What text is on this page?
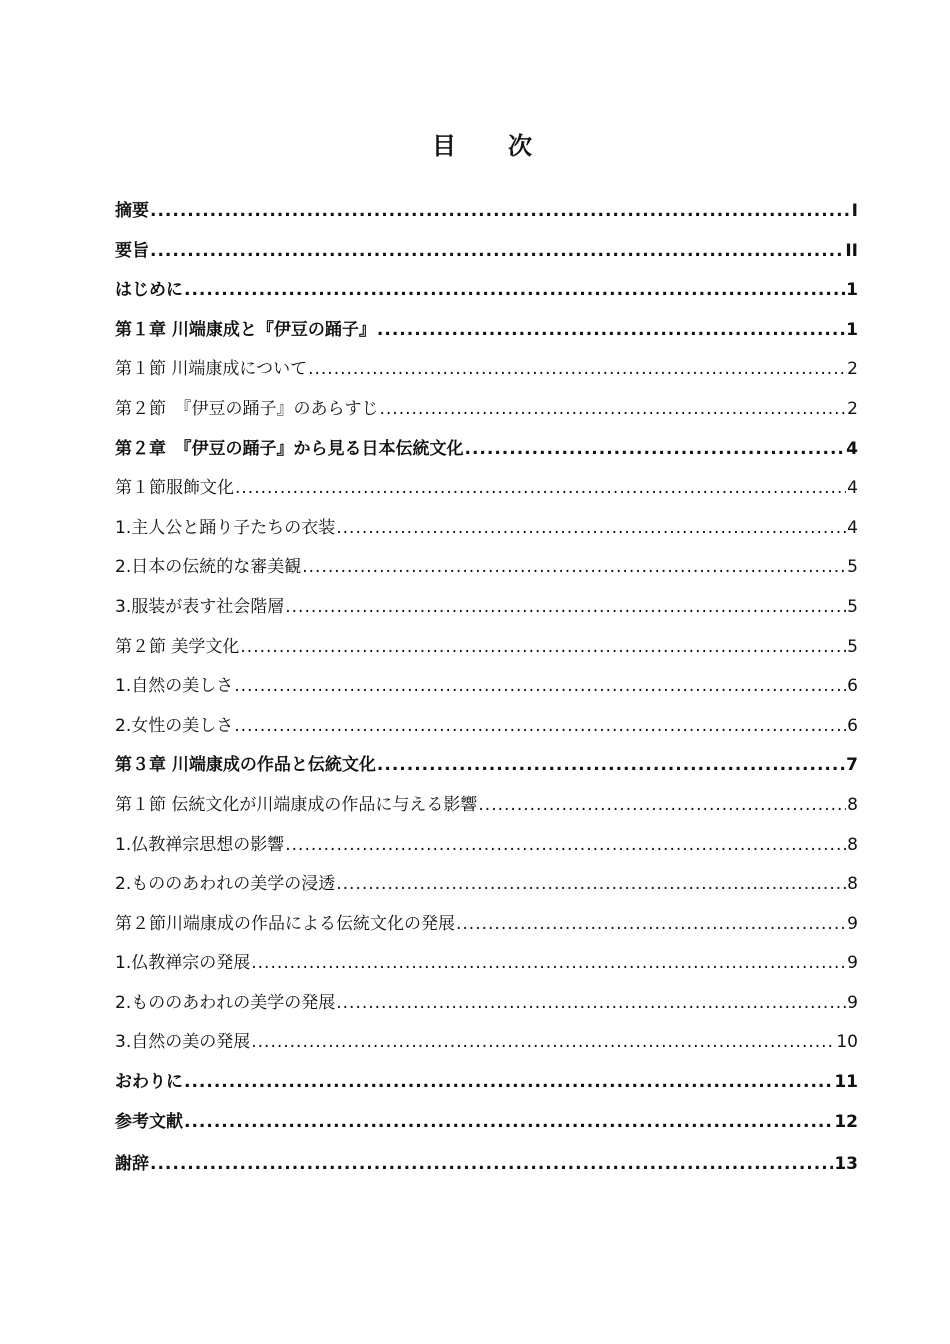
目　次
摘要 .....	I
要旨 .....	II
はじめに .....	1
第１章 川端康成と『伊豆の踊子』 .....	1
第１節 川端康成について .....	2
第２節　『伊豆の踊子』のあらすじ .....	2
第２章　『伊豆の踊子』から見る日本伝統文化 .....	4
第１節服飾文化 .....	4
1.主人公と踊り子たちの衣装 .....	4
2.日本の伝統的な審美観 .....	5
3.服装が表す社会階層 .....	5
第２節 美学文化 .....	5
1.自然の美しさ .....	6
2.女性の美しさ .....	6
第３章 川端康成の作品と伝統文化 .....	7
第１節 伝統文化が川端康成の作品に与える影響 .....	8
1.仏教禅宗思想の影響 .....	8
2.もののあわれの美学の浸透 .....	8
第２節川端康成の作品による伝統文化の発展 .....	9
1.仏教禅宗の発展 .....	9
2.もののあわれの美学の発展 .....	9
3.自然の美の発展 .....	10
おわりに .....	11
参考文献 .....	12
謝辞 .....	13
